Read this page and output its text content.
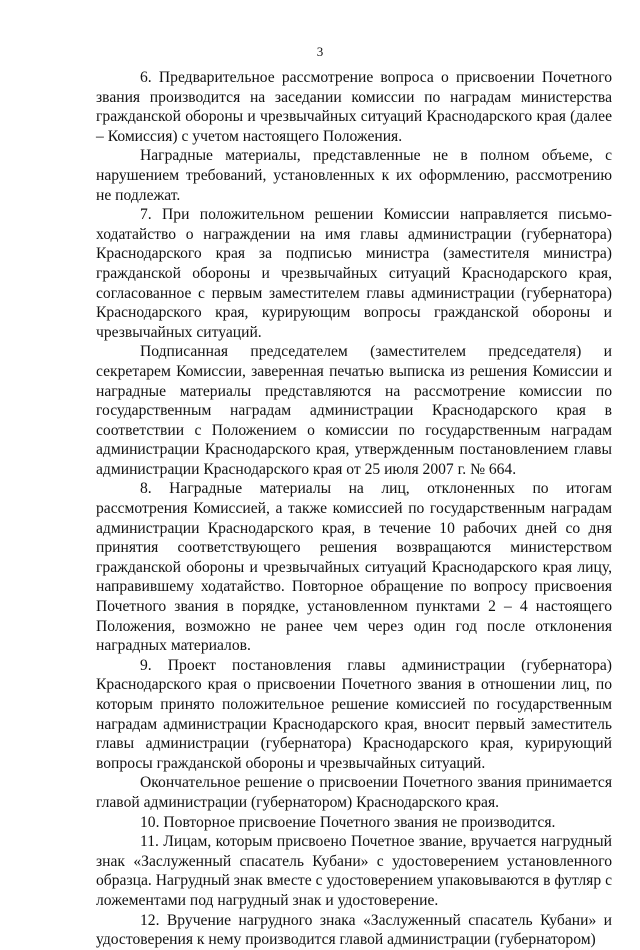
3

6. Предварительное рассмотрение вопроса о присвоении Почетного звания производится на заседании комиссии по наградам министерства гражданской обороны и чрезвычайных ситуаций Краснодарского края (далее – Комиссия) с учетом настоящего Положения.

Наградные материалы, представленные не в полном объеме, с нарушением требований, установленных к их оформлению, рассмотрению не подлежат.

7. При положительном решении Комиссии направляется письмо-ходатайство о награждении на имя главы администрации (губернатора) Краснодарского края за подписью министра (заместителя министра) гражданской обороны и чрезвычайных ситуаций Краснодарского края, согласованное с первым заместителем главы администрации (губернатора) Краснодарского края, курирующим вопросы гражданской обороны и чрезвычайных ситуаций.

Подписанная председателем (заместителем председателя) и секретарем Комиссии, заверенная печатью выписка из решения Комиссии и наградные материалы представляются на рассмотрение комиссии по государственным наградам администрации Краснодарского края в соответствии с Положением о комиссии по государственным наградам администрации Краснодарского края, утвержденным постановлением главы администрации Краснодарского края от 25 июля 2007 г. № 664.

8. Наградные материалы на лиц, отклоненных по итогам рассмотрения Комиссией, а также комиссией по государственным наградам администрации Краснодарского края, в течение 10 рабочих дней со дня принятия соответствующего решения возвращаются министерством гражданской обороны и чрезвычайных ситуаций Краснодарского края лицу, направившему ходатайство. Повторное обращение по вопросу присвоения Почетного звания в порядке, установленном пунктами 2 – 4 настоящего Положения, возможно не ранее чем через один год после отклонения наградных материалов.

9. Проект постановления главы администрации (губернатора) Краснодарского края о присвоении Почетного звания в отношении лиц, по которым принято положительное решение комиссией по государственным наградам администрации Краснодарского края, вносит первый заместитель главы администрации (губернатора) Краснодарского края, курирующий вопросы гражданской обороны и чрезвычайных ситуаций.

Окончательное решение о присвоении Почетного звания принимается главой администрации (губернатором) Краснодарского края.

10. Повторное присвоение Почетного звания не производится.

11. Лицам, которым присвоено Почетное звание, вручается нагрудный знак «Заслуженный спасатель Кубани» с удостоверением установленного образца. Нагрудный знак вместе с удостоверением упаковываются в футляр с ложементами под нагрудный знак и удостоверение.

12. Вручение нагрудного знака «Заслуженный спасатель Кубани» и удостоверения к нему производится главой администрации (губернатором)
